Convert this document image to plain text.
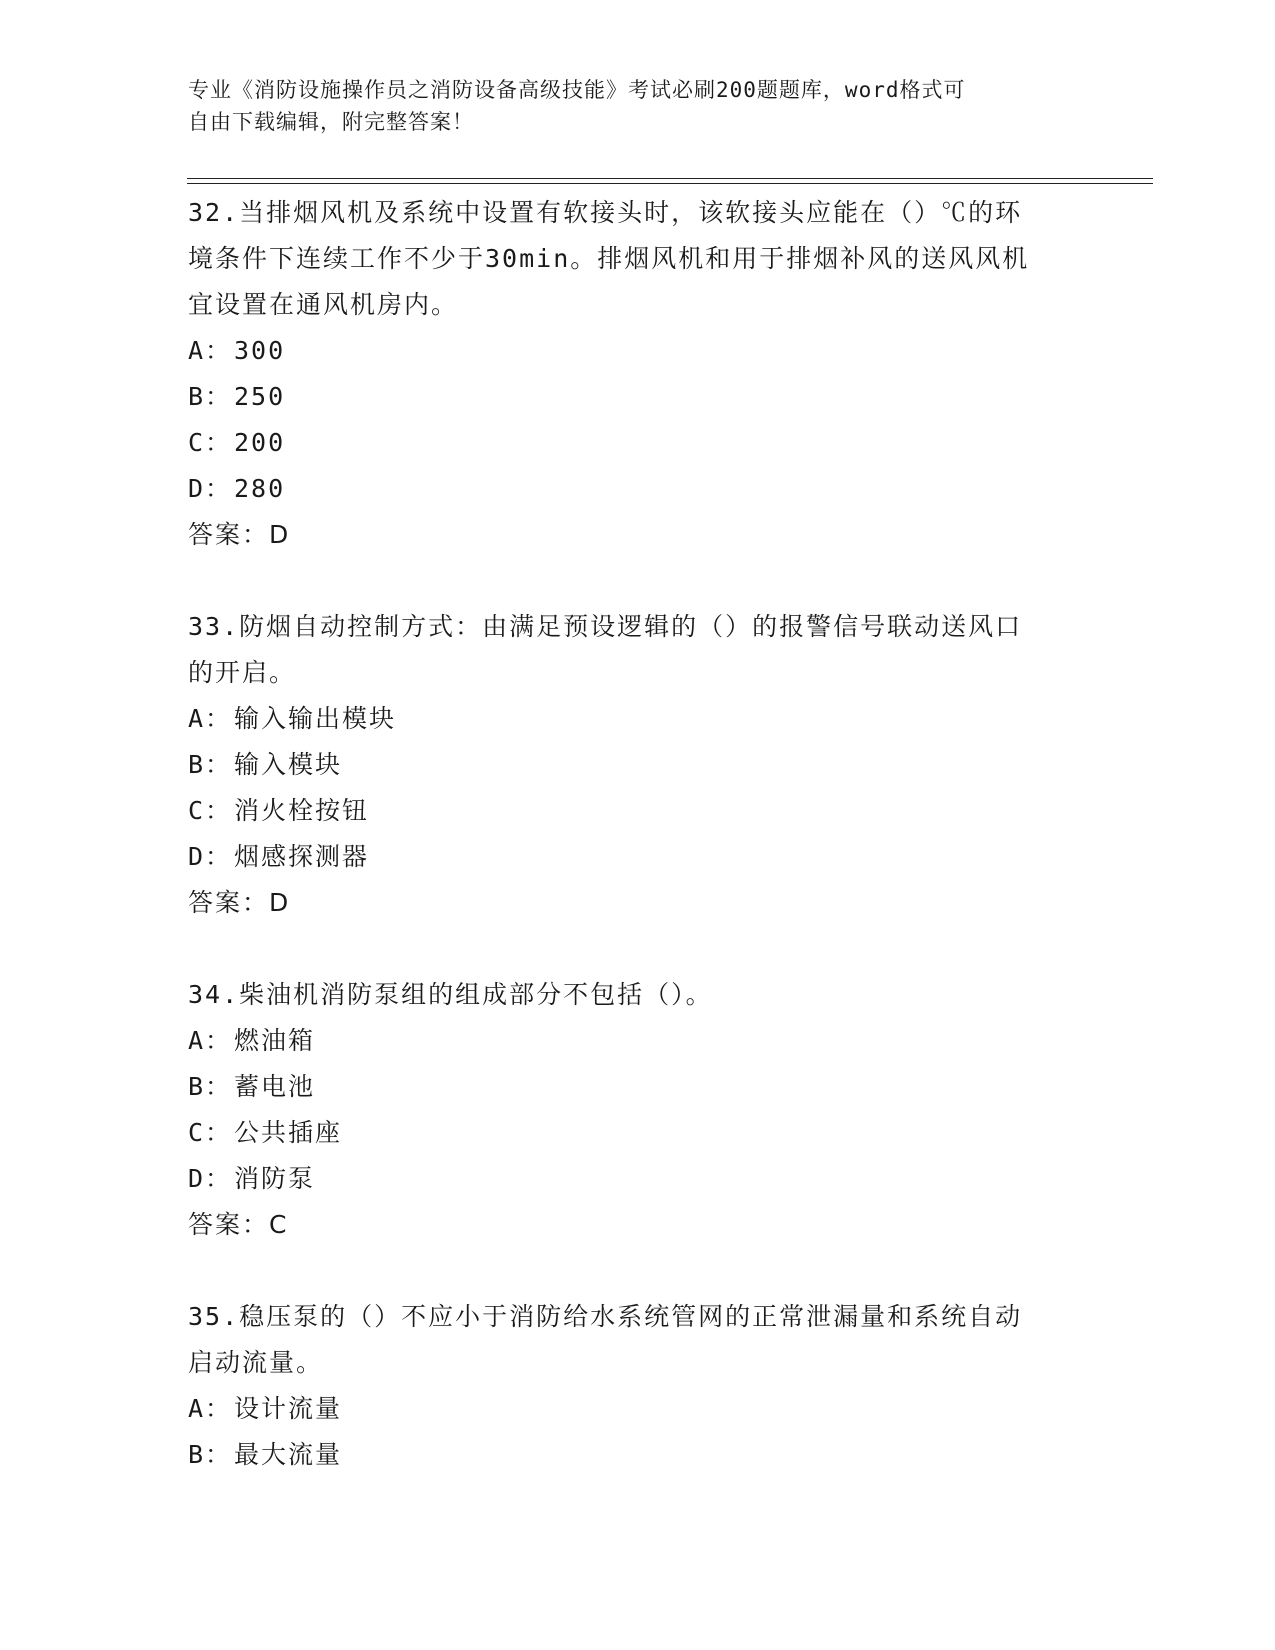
专业《消防设施操作员之消防设备高级技能》考试必刷200题题库，word格式可
自由下载编辑，附完整答案！
32.当排烟风机及系统中设置有软接头时，该软接头应能在（）℃的环
境条件下连续工作不少于30min。排烟风机和用于排烟补风的送风风机
宜设置在通风机房内。
A：300
B：250
C：200
D：280
答案：D
33.防烟自动控制方式：由满足预设逻辑的（）的报警信号联动送风口
的开启。
A：输入输出模块
B：输入模块
C：消火栓按钮
D：烟感探测器
答案：D
34.柴油机消防泵组的组成部分不包括（）。
A：燃油箱
B：蓄电池
C：公共插座
D：消防泵
答案：C
35.稳压泵的（）不应小于消防给水系统管网的正常泄漏量和系统自动
启动流量。
A：设计流量
B：最大流量
